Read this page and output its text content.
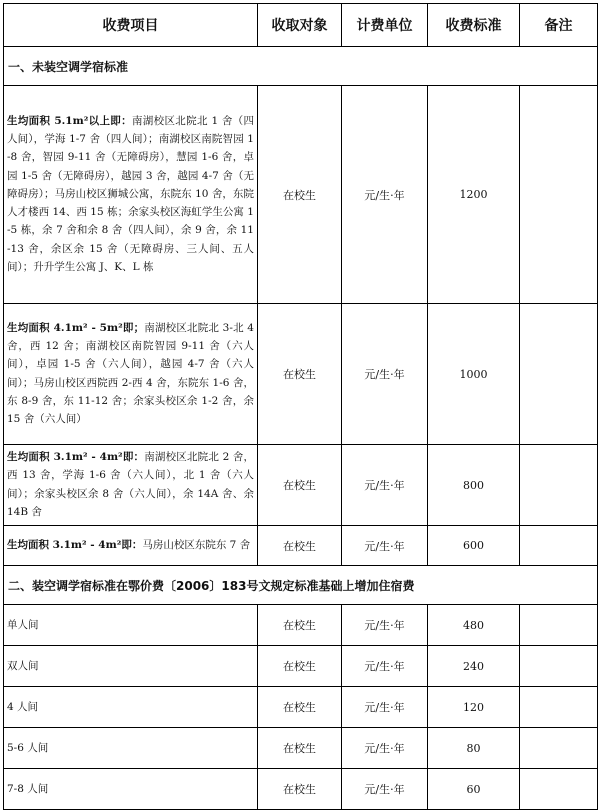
收费项目	收取对象	计费单位	收费标准	备注
一、未装空调学宿标准				
生均面积 5.1m²以上即：南湖校区北院北 1 舍（四人间），学海 1-7 舍（四人间）；南湖校区南院智园 1-8 舍，智园 9-11 舍（无障碍房），慧园 1-6 舍，卓园 1-5 舍（无障碍房），越园 3 舍，越园 4-7 舍（无障碍房）；马房山校区狮城公寓，东院东 10 舍，东院人才楼西 14、西 15 栋；余家头校区海虹学生公寓 1-5 栋，余 7 舍和余 8 舍（四人间），余 9 舍，余 11-13 舍，余区余 15 舍（无障碍房、三人间、五人间）；升升学生公寓 J、K、L 栋	在校生	元/生·年	1200	
生均面积 4.1m² - 5m²即；南湖校区北院北 3-北 4 舍，西 12 舍；南湖校区南院智园 9-11 舍（六人间），卓园 1-5 舍（六人间），越园 4-7 舍（六人间）；马房山校区西院西 2-西 4 舍，东院东 1-6 舍，东 8-9 舍，东 11-12 舍；余家头校区余 1-2 舍，余 15 舍（六人间）	在校生	元/生·年	1000	
生均面积 3.1m² - 4m²即：南湖校区北院北 2 舍，西 13 舍，学海 1-6 舍（六人间），北 1 舍（六人间）；余家头校区余 8 舍（六人间），余 14A 舍、余 14B 舍	在校生	元/生·年	800	
生均面积 3.1m² - 4m²即：马房山校区东院东 7 舍	在校生	元/生·年	600	
二、装空调学宿标准在鄂价费〔2006〕183号文规定标准基础上增加住宿费				
单人间	在校生	元/生·年	480	
双人间	在校生	元/生·年	240	
4 人间	在校生	元/生·年	120	
5-6 人间	在校生	元/生·年	80	
7-8 人间	在校生	元/生·年	60	
